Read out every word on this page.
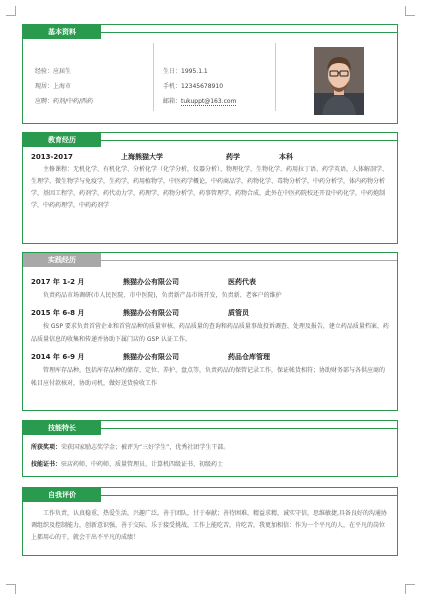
基本资料
经验：应届生
现居：上海市
应聘：药剂/中药/西药
生日：1995.1.1
手机：12345678910
邮箱：tukuppt@163.com
教育经历
2013-2017	上海熊猫大学	药学	本科
主修课程：无机化学、有机化学、分析化学（化学分析，仪器分析）、物理化学、生物化学、药用拉丁语、药学英语，人体解剖学、生理学、微生物学与免疫学，生药学，药用植物学，中医药学概论，中药商品学，药物化学、毒物分析学，中药分析学，体内药物分析学，基因工程学，药剂学，药代动力学，药理学，药物分析学，药事管理学，药物合成，此外在中医药院校还开设中药化学，中药炮制学，中药药理学，中药药剂学
实践经历
2017 年 1-2 月	熊猫办公有限公司	医药代表
负责药品市场调研(市人民医院、市中医院)，负责新产品市场开发，负责新、老客户的维护
2015 年 6-8 月	熊猫办公有限公司	质管员
按 GSP 要求负责首营企业和首营品种的质量审核、药品质量的查询和药品质量事故投诉调查、处理及报告，建立药品质量档案、药品质量信息的收集和传递并协助下属门店的 GSP 认证工作。
2014 年 6-9 月	熊猫办公有限公司	药品仓库管理
管理库存品种，包括库存品种的储存、定位、养护、盘点等，负责药品的保管记录工作，保证帐货相符；协助财务部与各供应商的帐目应付款核对，协助司机，做好送货验收工作
技能特长
所获奖项：荣获国家励志奖学金；被评为“三好学生”，优秀社团学生干部。
技能证书：驻店药师、中药师、质量管理员、计算机四级证书、初级药士
自我评价
工作负责，认真稳重，热爱生活，兴趣广泛，善于团队，甘于奉献；善待困难，精益求精，诚实守信，思维敏捷,具备良好的沟通协调组织及控制能力，创新意识强，善于交际，乐于接受挑战，工作上能吃苦，肯吃苦，我更加相信：作为一个平凡的人，在平凡的岗位上都用心的干，就会干出不平凡的成绩！
